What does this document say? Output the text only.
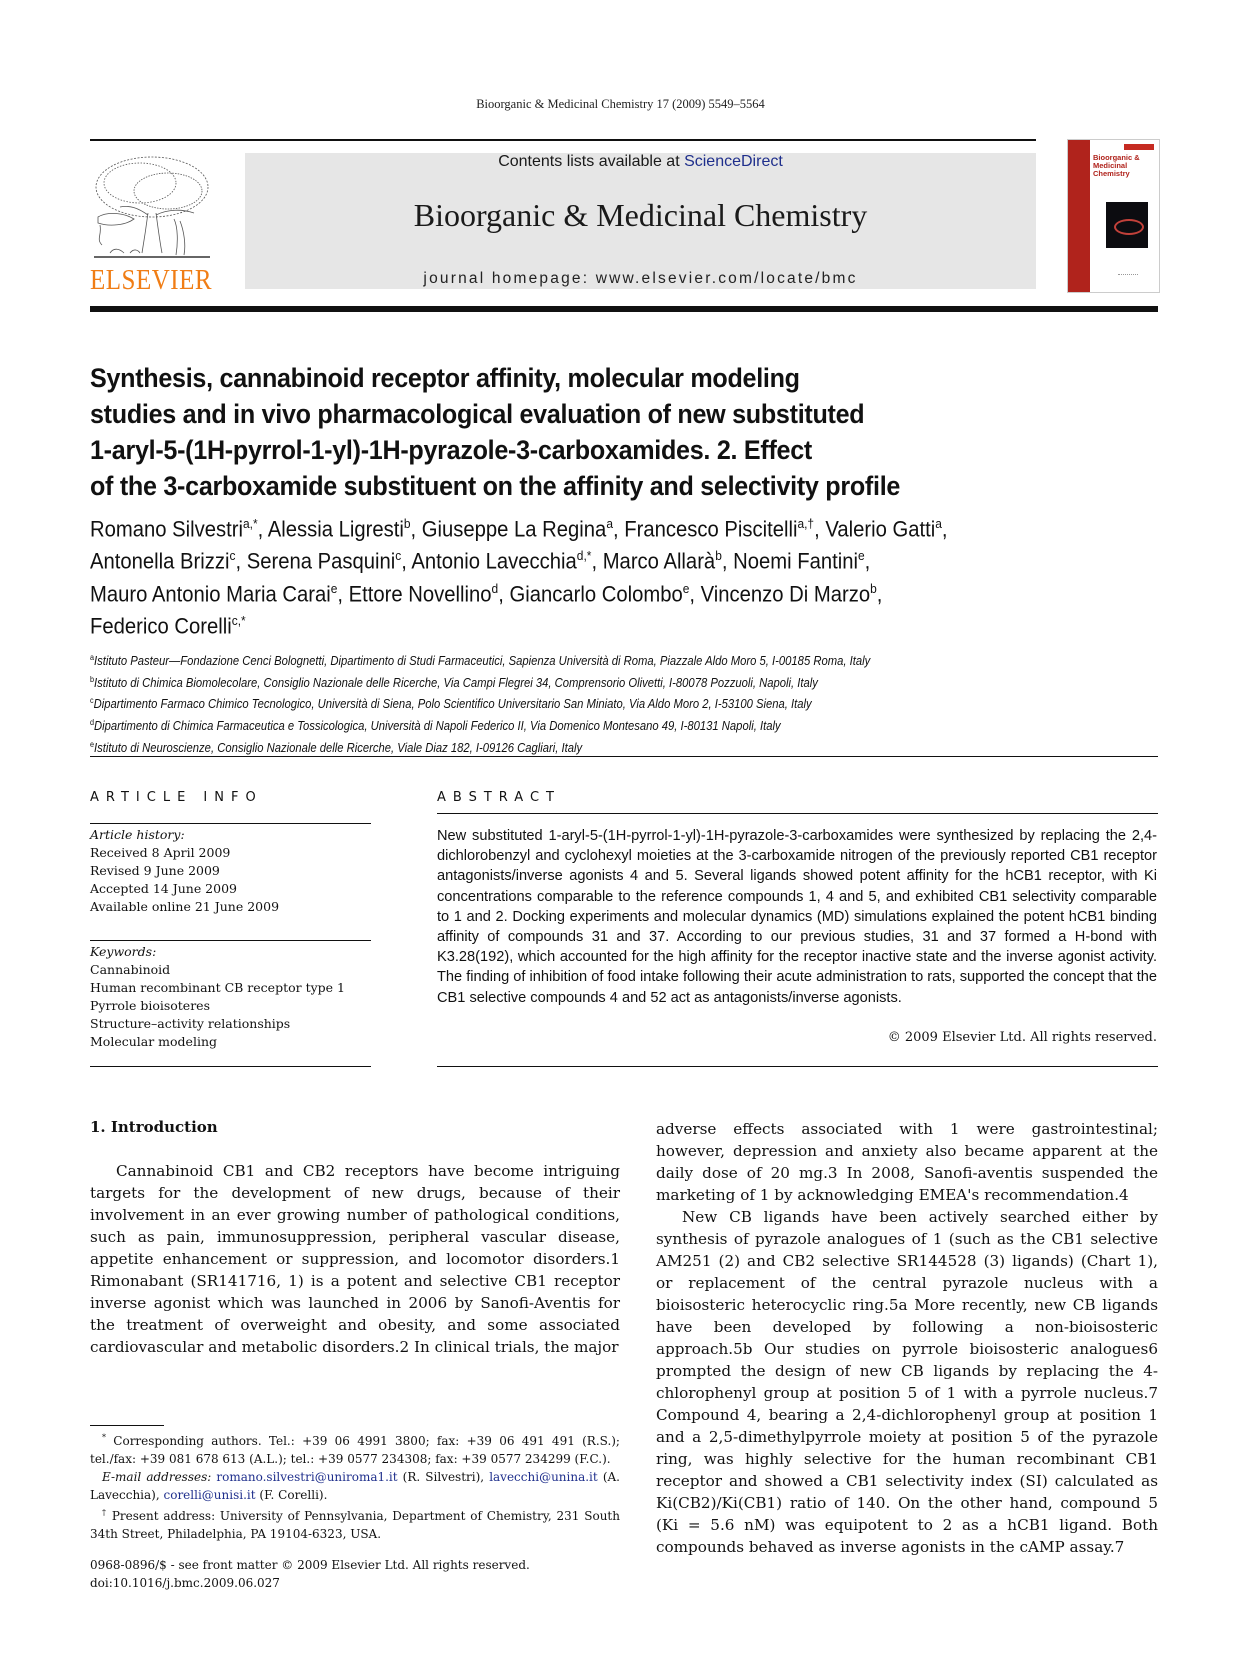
Bioorganic & Medicinal Chemistry 17 (2009) 5549–5564
ELSEVIER
Contents lists available at ScienceDirect
Bioorganic & Medicinal Chemistry
journal homepage: www.elsevier.com/locate/bmc
Bioorganic & Medicinal
Chemistry
Synthesis, cannabinoid receptor affinity, molecular modeling
studies and in vivo pharmacological evaluation of new substituted
1-aryl-5-(1H-pyrrol-1-yl)-1H-pyrazole-3-carboxamides. 2. Effect
of the 3-carboxamide substituent on the affinity and selectivity profile
Romano Silvestri$^{a,*}$, Alessia Ligresti$^b$, Giuseppe La Regina$^a$, Francesco Piscitelli$^{a,\dagger}$, Valerio Gatti$^a$,
Antonella Brizzi$^c$, Serena Pasquini$^c$, Antonio Lavecchia$^{d,*}$, Marco Allarà$^b$, Noemi Fantini$^e$,
Mauro Antonio Maria Carai$^e$, Ettore Novellino$^d$, Giancarlo Colombo$^e$, Vincenzo Di Marzo$^b$,
Federico Corelli$^{c,*}$
$^a$Istituto Pasteur—Fondazione Cenci Bolognetti, Dipartimento di Studi Farmaceutici, Sapienza Università di Roma, Piazzale Aldo Moro 5, I-00185 Roma, Italy
$^b$Istituto di Chimica Biomolecolare, Consiglio Nazionale delle Ricerche, Via Campi Flegrei 34, Comprensorio Olivetti, I-80078 Pozzuoli, Napoli, Italy
$^c$Dipartimento Farmaco Chimico Tecnologico, Università di Siena, Polo Scientifico Universitario San Miniato, Via Aldo Moro 2, I-53100 Siena, Italy
$^d$Dipartimento di Chimica Farmaceutica e Tossicologica, Università di Napoli Federico II, Via Domenico Montesano 49, I-80131 Napoli, Italy
$^e$Istituto di Neuroscienze, Consiglio Nazionale delle Ricerche, Viale Diaz 182, I-09126 Cagliari, Italy
ARTICLE INFO
Article history:
Received 8 April 2009
Revised 9 June 2009
Accepted 14 June 2009
Available online 21 June 2009
Keywords:
Cannabinoid
Human recombinant CB receptor type 1
Pyrrole bioisoteres
Structure–activity relationships
Molecular modeling
ABSTRACT
New substituted 1-aryl-5-(1H-pyrrol-1-yl)-1H-pyrazole-3-carboxamides were synthesized by replacing the 2,4-dichlorobenzyl and cyclohexyl moieties at the 3-carboxamide nitrogen of the previously reported CB1 receptor antagonists/inverse agonists 4 and 5. Several ligands showed potent affinity for the hCB1 receptor, with Ki concentrations comparable to the reference compounds 1, 4 and 5, and exhibited CB1 selectivity comparable to 1 and 2. Docking experiments and molecular dynamics (MD) simulations explained the potent hCB1 binding affinity of compounds 31 and 37. According to our previous studies, 31 and 37 formed a H-bond with K3.28(192), which accounted for the high affinity for the receptor inactive state and the inverse agonist activity. The finding of inhibition of food intake following their acute administration to rats, supported the concept that the CB1 selective compounds 4 and 52 act as antagonists/inverse agonists.
© 2009 Elsevier Ltd. All rights reserved.
1. Introduction

Cannabinoid CB1 and CB2 receptors have become intriguing targets for the development of new drugs, because of their involvement in an ever growing number of pathological conditions, such as pain, immunosuppression, peripheral vascular disease, appetite enhancement or suppression, and locomotor disorders.1 Rimonabant (SR141716, 1) is a potent and selective CB1 receptor inverse agonist which was launched in 2006 by Sanofi-Aventis for the treatment of overweight and obesity, and some associated cardiovascular and metabolic disorders.2 In clinical trials, the major

adverse effects associated with 1 were gastrointestinal; however, depression and anxiety also became apparent at the daily dose of 20 mg.3 In 2008, Sanofi-aventis suspended the marketing of 1 by acknowledging EMEA's recommendation.4

New CB ligands have been actively searched either by synthesis of pyrazole analogues of 1 (such as the CB1 selective AM251 (2) and CB2 selective SR144528 (3) ligands) (Chart 1), or replacement of the central pyrazole nucleus with a bioisosteric heterocyclic ring.5a More recently, new CB ligands have been developed by following a non-bioisosteric approach.5b Our studies on pyrrole bioisosteric analogues6 prompted the design of new CB ligands by replacing the 4-chlorophenyl group at position 5 of 1 with a pyrrole nucleus.7 Compound 4, bearing a 2,4-dichlorophenyl group at position 1 and a 2,5-dimethylpyrrole moiety at position 5 of the pyrazole ring, was highly selective for the human recombinant CB1 receptor and showed a CB1 selectivity index (SI) calculated as Ki(CB2)/Ki(CB1) ratio of 140. On the other hand, compound 5 (Ki = 5.6 nM) was equipotent to 2 as a hCB1 ligand. Both compounds behaved as inverse agonists in the cAMP assay.7

* Corresponding authors. Tel.: +39 06 4991 3800; fax: +39 06 491 491 (R.S.); tel./fax: +39 081 678 613 (A.L.); tel.: +39 0577 234308; fax: +39 0577 234299 (F.C.).

E-mail addresses: romano.silvestri@uniroma1.it (R. Silvestri), lavecchi@unina.it (A. Lavecchia), corelli@unisi.it (F. Corelli).

† Present address: University of Pennsylvania, Department of Chemistry, 231 South 34th Street, Philadelphia, PA 19104-6323, USA.

0968-0896/$ - see front matter © 2009 Elsevier Ltd. All rights reserved.
doi:10.1016/j.bmc.2009.06.027
